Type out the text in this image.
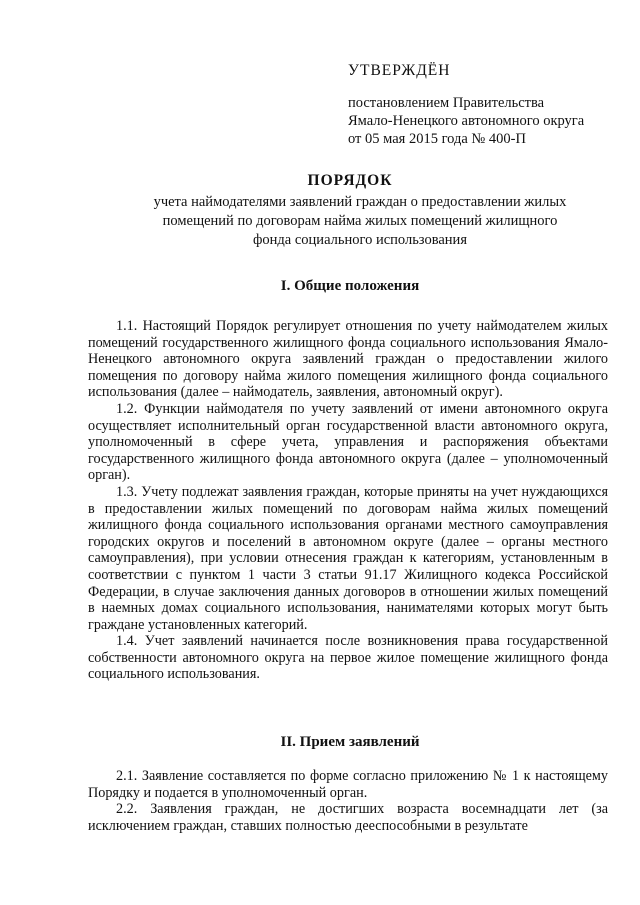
УТВЕРЖДЁН
постановлением Правительства
Ямало-Ненецкого автономного округа
от 05 мая 2015 года № 400-П
ПОРЯДОК
учета наймодателями заявлений граждан о предоставлении жилых помещений по договорам найма жилых помещений жилищного фонда социального использования
I. Общие положения

1.1. Настоящий Порядок регулирует отношения по учету наймодателем жилых помещений государственного жилищного фонда социального использования Ямало-Ненецкого автономного округа заявлений граждан о предоставлении жилого помещения по договору найма жилого помещения жилищного фонда социального использования (далее – наймодатель, заявления, автономный округ).

1.2. Функции наймодателя по учету заявлений от имени автономного округа осуществляет исполнительный орган государственной власти автономного округа, уполномоченный в сфере учета, управления и распоряжения объектами государственного жилищного фонда автономного округа (далее – уполномоченный орган).

1.3. Учету подлежат заявления граждан, которые приняты на учет нуждающихся в предоставлении жилых помещений по договорам найма жилых помещений жилищного фонда социального использования органами местного самоуправления городских округов и поселений в автономном округе (далее – органы местного самоуправления), при условии отнесения граждан к категориям, установленным в соответствии с пунктом 1 части 3 статьи 91.17 Жилищного кодекса Российской Федерации, в случае заключения данных договоров в отношении жилых помещений в наемных домах социального использования, нанимателями которых могут быть граждане установленных категорий.

1.4. Учет заявлений начинается после возникновения права государственной собственности автономного округа на первое жилое помещение жилищного фонда социального использования.

II. Прием заявлений

2.1. Заявление составляется по форме согласно приложению № 1 к настоящему Порядку и подается в уполномоченный орган.

2.2. Заявления граждан, не достигших возраста восемнадцати лет (за исключением граждан, ставших полностью дееспособными в результате
